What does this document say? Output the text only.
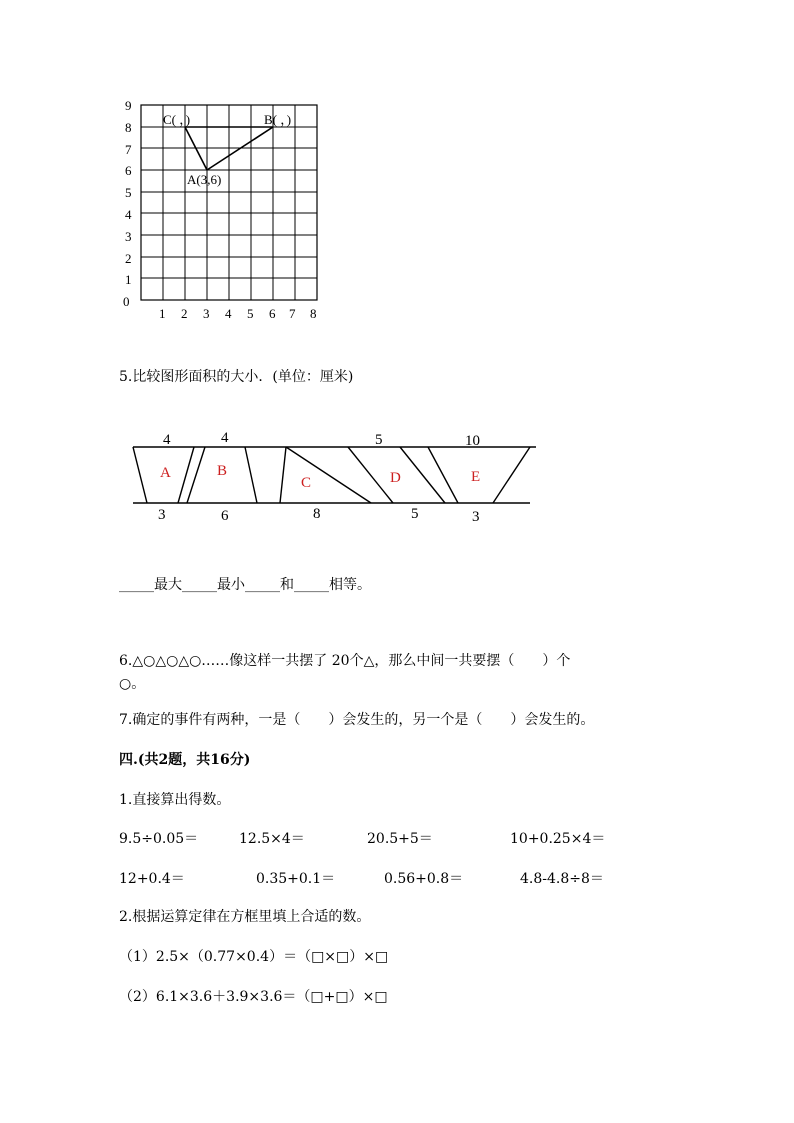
0
1
2
3
4
5
6
7
8
9
1 2 3 4 5 6 7 8
C( ，)	B( ，)
A(3,6)
5.比较图形面积的大小．(单位：厘米)
4	4	5	10
3	6	8	5	3
A	B
C	D	E
_____最大_____最小_____和_____相等。
6.△○△○△○……像这样一共摆了 20个△，那么中间一共要摆（　　）个
○。
7.确定的事件有两种，一是（　　）会发生的，另一个是（　　）会发生的。
四.(共2题，共16分)
1.直接算出得数。
9.5÷0.05＝	12.5×4＝	20.5+5＝	10+0.25×4＝
12+0.4＝	0.35+0.1＝	0.56+0.8＝	4.8-4.8÷8＝
2.根据运算定律在方框里填上合适的数。
（1）2.5×（0.77×0.4）＝（□×□）×□
（2）6.1×3.6＋3.9×3.6＝（□+□）×□
